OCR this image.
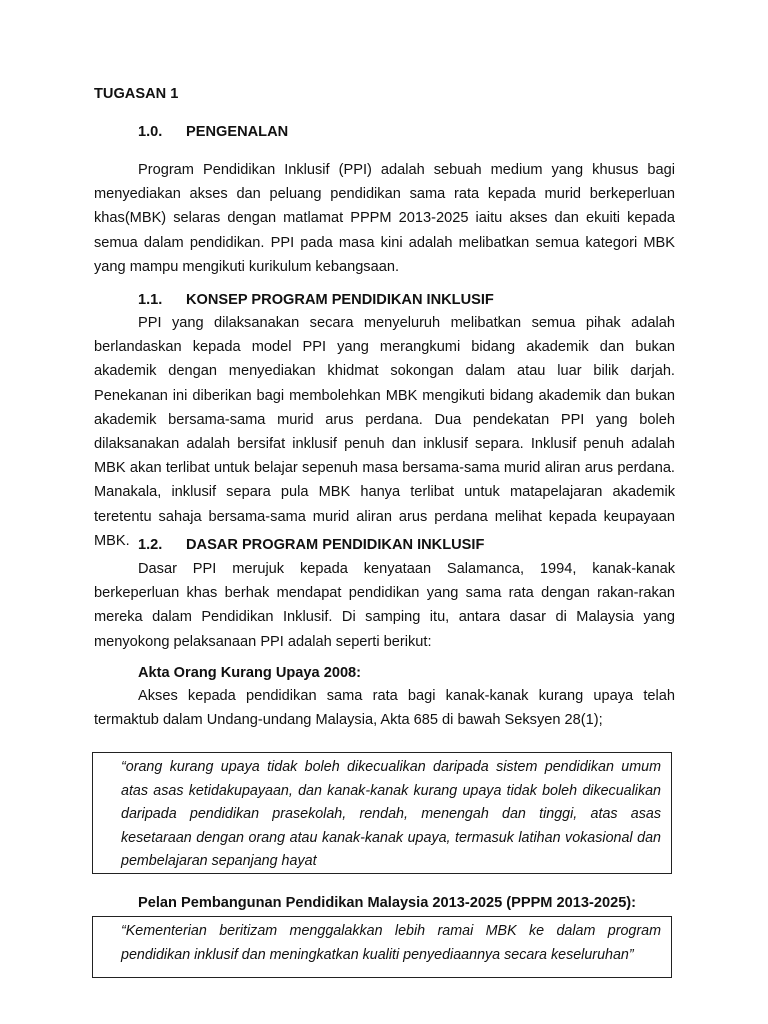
TUGASAN 1
1.0. PENGENALAN
Program Pendidikan Inklusif (PPI) adalah sebuah medium yang khusus bagi menyediakan akses dan peluang pendidikan sama rata kepada murid berkeperluan khas(MBK) selaras dengan matlamat PPPM 2013-2025 iaitu akses dan ekuiti kepada semua dalam pendidikan. PPI pada masa kini adalah melibatkan semua kategori MBK yang mampu mengikuti kurikulum kebangsaan.
1.1. KONSEP PROGRAM PENDIDIKAN INKLUSIF
PPI yang dilaksanakan secara menyeluruh melibatkan semua pihak adalah berlandaskan kepada model PPI yang merangkumi bidang akademik dan bukan akademik dengan menyediakan khidmat sokongan dalam atau luar bilik darjah. Penekanan ini diberikan bagi membolehkan MBK mengikuti bidang akademik dan bukan akademik bersama-sama murid arus perdana. Dua pendekatan PPI yang boleh dilaksanakan adalah bersifat inklusif penuh dan inklusif separa. Inklusif penuh adalah MBK akan terlibat untuk belajar sepenuh masa bersama-sama murid aliran arus perdana. Manakala, inklusif separa pula MBK hanya terlibat untuk matapelajaran akademik teretentu sahaja bersama-sama murid aliran arus perdana melihat kepada keupayaan MBK. 1.2. DASAR PROGRAM PENDIDIKAN INKLUSIF
Dasar PPI merujuk kepada kenyataan Salamanca, 1994, kanak-kanak berkeperluan khas berhak mendapat pendidikan yang sama rata dengan rakan-rakan mereka dalam Pendidikan Inklusif. Di samping itu, antara dasar di Malaysia yang menyokong pelaksanaan PPI adalah seperti berikut:
Akta Orang Kurang Upaya 2008:
Akses kepada pendidikan sama rata bagi kanak-kanak kurang upaya telah termaktub dalam Undang-undang Malaysia, Akta 685 di bawah Seksyen 28(1);
“orang kurang upaya tidak boleh dikecualikan daripada sistem pendidikan umum atas asas ketidakupayaan, dan kanak-kanak kurang upaya tidak boleh dikecualikan daripada pendidikan prasekolah, rendah, menengah dan tinggi, atas asas kesetaraan dengan orang atau kanak-kanak upaya, termasuk latihan vokasional dan pembelajaran sepanjang hayat
Pelan Pembangunan Pendidikan Malaysia 2013-2025 (PPPM 2013-2025):
“Kementerian beritizam menggalakkan lebih ramai MBK ke dalam program pendidikan inklusif dan meningkatkan kualiti penyediaannya secara keseluruhan”
